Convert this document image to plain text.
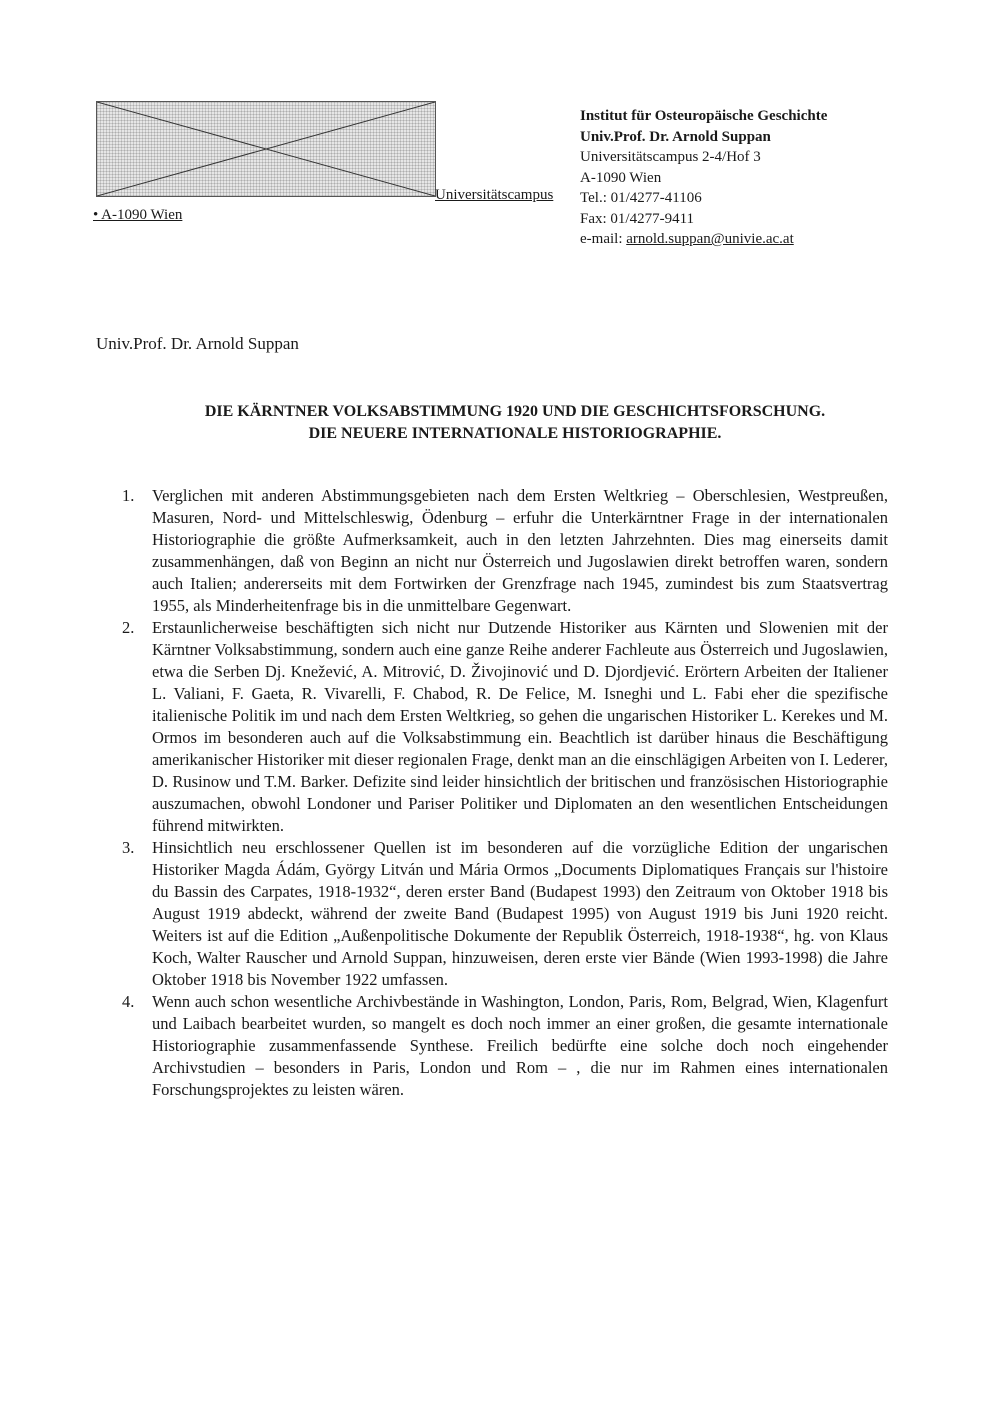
Universitätscampus
• A-1090 Wien
Institut für Osteuropäische Geschichte
Univ.Prof. Dr. Arnold Suppan
Universitätscampus 2-4/Hof 3
A-1090 Wien
Tel.: 01/4277-41106
Fax: 01/4277-9411
e-mail: arnold.suppan@univie.ac.at
Univ.Prof. Dr. Arnold Suppan
DIE KÄRNTNER VOLKSABSTIMMUNG 1920 UND DIE GESCHICHTSFORSCHUNG.
DIE NEUERE INTERNATIONALE HISTORIOGRAPHIE.
1. Verglichen mit anderen Abstimmungsgebieten nach dem Ersten Weltkrieg – Oberschlesien, Westpreußen, Masuren, Nord- und Mittelschleswig, Ödenburg – erfuhr die Unterkärntner Frage in der internationalen Historiographie die größte Aufmerksamkeit, auch in den letzten Jahrzehnten. Dies mag einerseits damit zusammenhängen, daß von Beginn an nicht nur Österreich und Jugoslawien direkt betroffen waren, sondern auch Italien; andererseits mit dem Fortwirken der Grenzfrage nach 1945, zumindest bis zum Staatsvertrag 1955, als Minderheitenfrage bis in die unmittelbare Gegenwart.
2. Erstaunlicherweise beschäftigten sich nicht nur Dutzende Historiker aus Kärnten und Slowenien mit der Kärntner Volksabstimmung, sondern auch eine ganze Reihe anderer Fachleute aus Österreich und Jugoslawien, etwa die Serben Dj. Knežević, A. Mitrović, D. Živojinović und D. Djordjević. Erörtern Arbeiten der Italiener L. Valiani, F. Gaeta, R. Vivarelli, F. Chabod, R. De Felice, M. Isneghi und L. Fabi eher die spezifische italienische Politik im und nach dem Ersten Weltkrieg, so gehen die ungarischen Historiker L. Kerekes und M. Ormos im besonderen auch auf die Volksabstimmung ein. Beachtlich ist darüber hinaus die Beschäftigung amerikanischer Historiker mit dieser regionalen Frage, denkt man an die einschlägigen Arbeiten von I. Lederer, D. Rusinow und T.M. Barker. Defizite sind leider hinsichtlich der britischen und französischen Historiographie auszumachen, obwohl Londoner und Pariser Politiker und Diplomaten an den wesentlichen Entscheidungen führend mitwirkten.
3. Hinsichtlich neu erschlossener Quellen ist im besonderen auf die vorzügliche Edition der ungarischen Historiker Magda Ádám, György Litván und Mária Ormos „Documents Diplomatiques Français sur l'histoire du Bassin des Carpates, 1918-1932“, deren erster Band (Budapest 1993) den Zeitraum von Oktober 1918 bis August 1919 abdeckt, während der zweite Band (Budapest 1995) von August 1919 bis Juni 1920 reicht. Weiters ist auf die Edition „Außenpolitische Dokumente der Republik Österreich, 1918-1938“, hg. von Klaus Koch, Walter Rauscher und Arnold Suppan, hinzuweisen, deren erste vier Bände (Wien 1993-1998) die Jahre Oktober 1918 bis November 1922 umfassen.
4. Wenn auch schon wesentliche Archivbestände in Washington, London, Paris, Rom, Belgrad, Wien, Klagenfurt und Laibach bearbeitet wurden, so mangelt es doch noch immer an einer großen, die gesamte internationale Historiographie zusammenfassende Synthese. Freilich bedürfte eine solche doch noch eingehender Archivstudien – besonders in Paris, London und Rom – , die nur im Rahmen eines internationalen Forschungsprojektes zu leisten wären.
